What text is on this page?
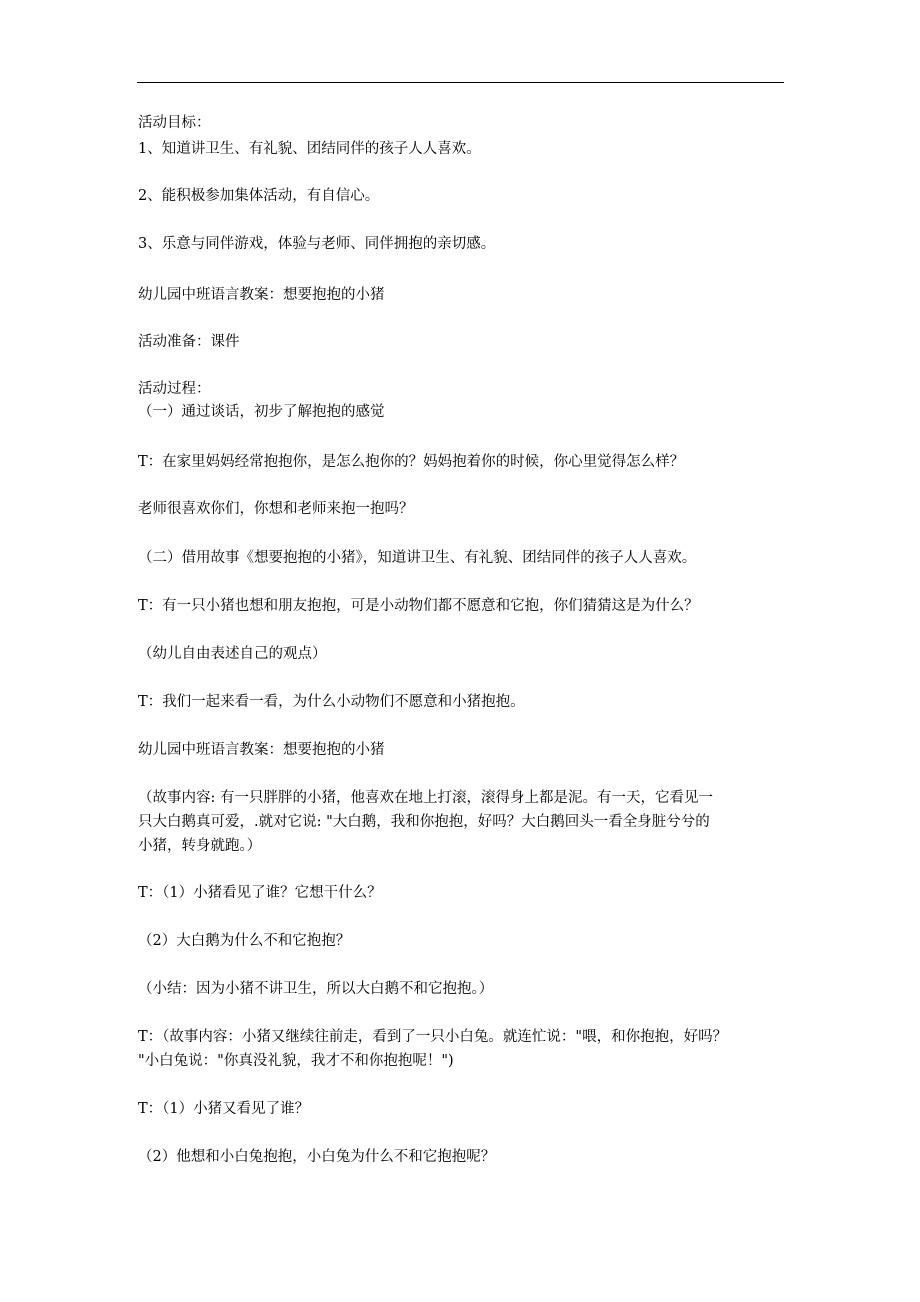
活动目标：
1、知道讲卫生、有礼貌、团结同伴的孩子人人喜欢。
2、能积极参加集体活动，有自信心。
3、乐意与同伴游戏，体验与老师、同伴拥抱的亲切感。
幼儿园中班语言教案：想要抱抱的小猪
活动准备：课件
活动过程：
（一）通过谈话，初步了解抱抱的感觉
T：在家里妈妈经常抱抱你，是怎么抱你的？妈妈抱着你的时候，你心里觉得怎么样？
老师很喜欢你们，你想和老师来抱一抱吗？
（二）借用故事《想要抱抱的小猪》，知道讲卫生、有礼貌、团结同伴的孩子人人喜欢。
T：有一只小猪也想和朋友抱抱，可是小动物们都不愿意和它抱，你们猜猜这是为什么？
（幼儿自由表述自己的观点）
T：我们一起来看一看，为什么小动物们不愿意和小猪抱抱。
幼儿园中班语言教案：想要抱抱的小猪
（故事内容: 有一只胖胖的小猪，他喜欢在地上打滚，滚得身上都是泥。有一天，它看见一
只大白鹅真可爱，.就对它说: "大白鹅，我和你抱抱，好吗？大白鹅回头一看全身脏兮兮的
小猪，转身就跑。）
T：（1）小猪看见了谁？它想干什么？
（2）大白鹅为什么不和它抱抱？
（小结：因为小猪不讲卫生，所以大白鹅不和它抱抱。）
T：（故事内容：小猪又继续往前走，看到了一只小白兔。就连忙说："喂，和你抱抱，好吗？
"小白兔说："你真没礼貌，我才不和你抱抱呢！")
T：（1）小猪又看见了谁？
（2）他想和小白兔抱抱，小白兔为什么不和它抱抱呢？
